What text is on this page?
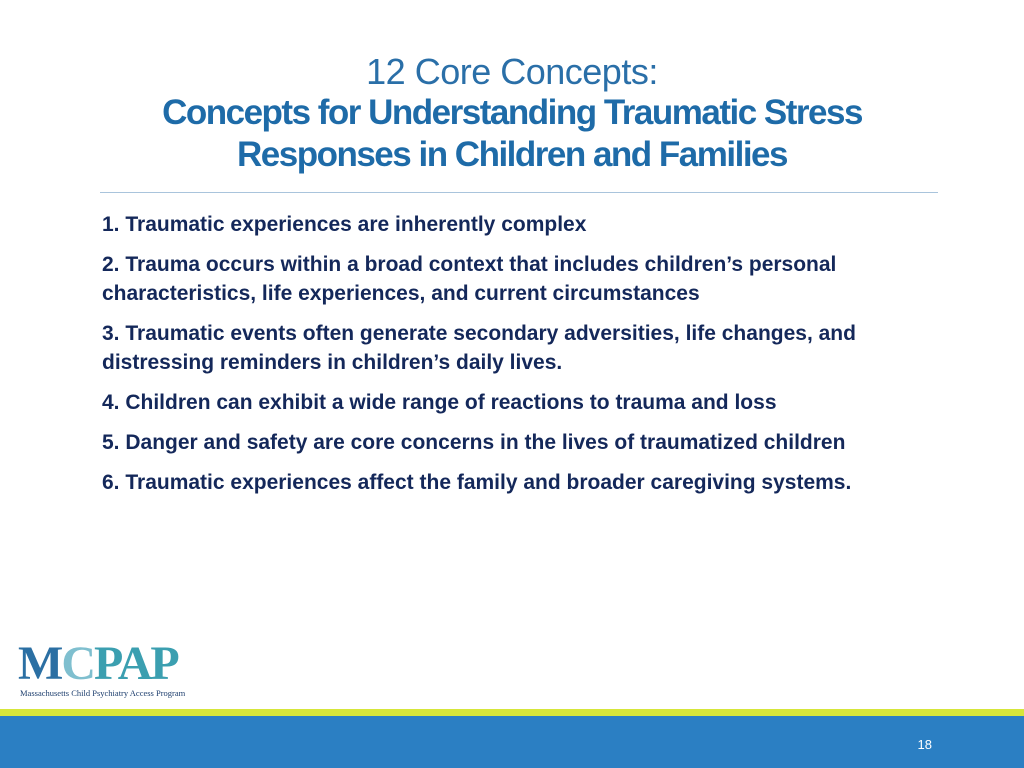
12 Core Concepts:
Concepts for Understanding Traumatic Stress
Responses in Children and Families
1. Traumatic experiences are inherently complex
2. Trauma occurs within a broad context that includes children’s personal characteristics, life experiences, and current circumstances
3. Traumatic events often generate secondary adversities, life changes, and distressing reminders in children’s daily lives.
4. Children can exhibit a wide range of reactions to trauma and loss
5. Danger and safety are core concerns in the lives of traumatized children
6. Traumatic experiences affect the family and broader caregiving systems.
MCPAP
Massachusetts Child Psychiatry Access Program
18
